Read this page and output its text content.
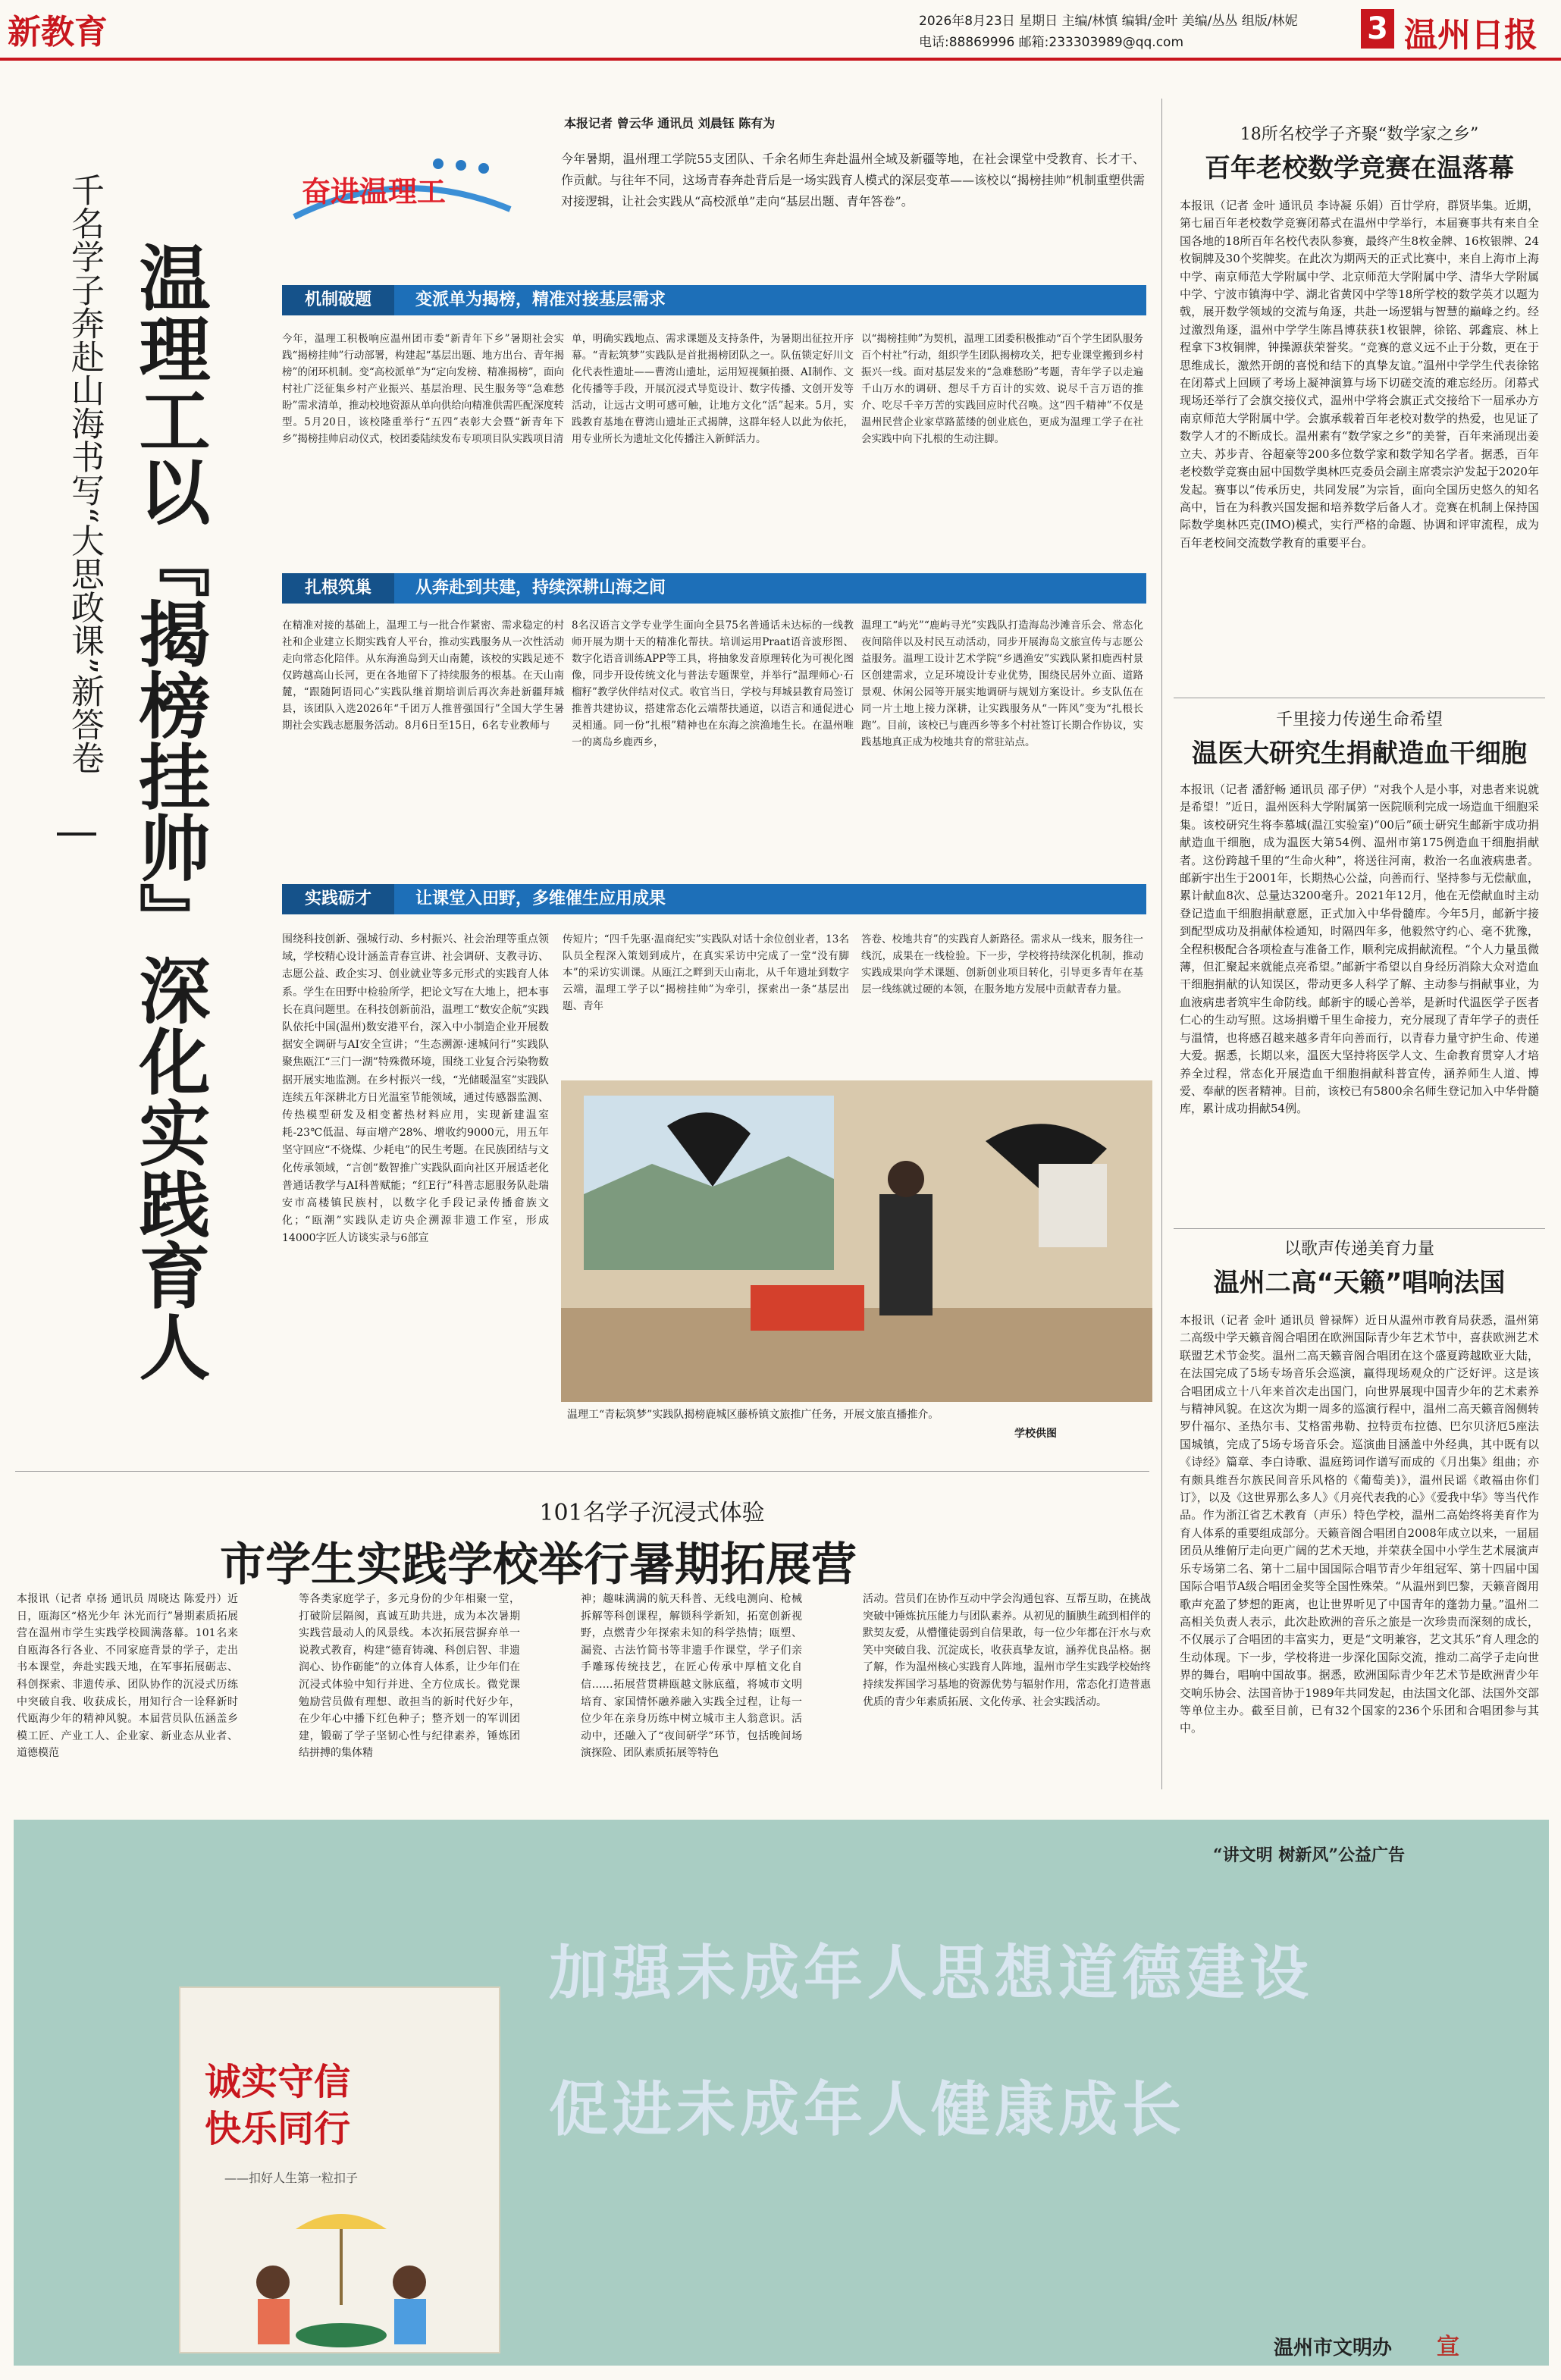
新教育	2026年8月23日 星期日 主编/林慎 编辑/金叶 美编/丛丛 组版/林妮
电话:88869996 邮箱:233303989@qq.com	3 温州日报
千名学子奔赴山海书写“大思政课”新答卷 温理工以『揭榜挂帅』深化实践育人
奋进温理工
本报记者 曾云华 通讯员 刘晨钰 陈有为
今年暑期，温州理工学院55支团队、千余名师生奔赴温州全域及新疆等地，在社会课堂中受教育、长才干、作贡献。与往年不同，这场青春奔赴背后是一场实践育人模式的深层变革——该校以“揭榜挂帅”机制重塑供需对接逻辑，让社会实践从“高校派单”走向“基层出题、青年答卷”。
机制破题	变派单为揭榜，精准对接基层需求
今年，温理工积极响应温州团市委“新青年下乡”暑期社会实践“揭榜挂帅”行动部署，构建起“基层出题、地方出台、青年揭榜”的闭环机制。变“高校派单”为“定向发榜、精准揭榜”，面向村社广泛征集乡村产业振兴、基层治理、民生服务等“急难愁盼”需求清单，推动校地资源从单向供给向精准供需匹配深度转型。5月20日，该校隆重举行“五四”表彰大会暨“新青年下乡”揭榜挂帅启动仪式，校团委陆续发布专项项目队实践项目清
单，明确实践地点、需求课题及支持条件，为暑期出征拉开序幕。“青耘筑梦”实践队是首批揭榜团队之一。队伍锁定好川文化代表性遗址——曹湾山遗址，运用短视频拍摄、AI制作、文化传播等手段，开展沉浸式导览设计、数字传播、文创开发等活动，让远古文明可感可触，让地方文化“活”起来。5月，实践教育基地在曹湾山遗址正式揭牌，这群年轻人以此为依托，用专业所长为遗址文化传播注入新鲜活力。
以“揭榜挂帅”为契机，温理工团委积极推动“百个学生团队服务百个村社”行动，组织学生团队揭榜攻关，把专业课堂搬到乡村振兴一线。面对基层发来的“急难愁盼”考题，青年学子以走遍千山万水的调研、想尽千方百计的实效、说尽千言万语的推介、吃尽千辛万苦的实践回应时代召唤。这“四千精神”不仅是温州民营企业家草路蓝缕的创业底色，更成为温理工学子在社会实践中向下扎根的生动注脚。
扎根筑巢	从奔赴到共建，持续深耕山海之间
在精准对接的基础上，温理工与一批合作紧密、需求稳定的村社和企业建立长期实践育人平台，推动实践服务从一次性活动走向常态化陪伴。从东海渔岛到天山南麓，该校的实践足迹不仅跨越高山长河，更在各地留下了持续服务的根基。在天山南麓，“跟随阿语同心”实践队继首期培训后再次奔赴新疆拜城县，该团队入选2026年“千团万人推普强国行”全国大学生暑期社会实践志愿服务活动。8月6日至15日，6名专业教师与
8名汉语言文学专业学生面向全县75名普通话未达标的一线教师开展为期十天的精准化帮扶。培训运用Praat语音波形图、数字化语音训练APP等工具，将抽象发音原理转化为可视化图像，同步开设传统文化与普法专题课堂，并举行“温理师心·石榴籽”教学伙伴结对仪式。收官当日，学校与拜城县教育局签订推普共建协议，搭建常态化云端帮扶通道，以语言和通促进心灵相通。同一份“扎根”精神也在东海之滨渔地生长。在温州唯一的离岛乡鹿西乡，
温理工“屿光”“鹿屿寻光”实践队打造海岛沙滩音乐会、常态化夜间陪伴以及村民互动活动，同步开展海岛文旅宣传与志愿公益服务。温理工设计艺术学院“乡遇渔安”实践队紧扣鹿西村景区创建需求，立足环境设计专业优势，围绕民居外立面、道路景观、休闲公园等开展实地调研与规划方案设计。乡支队伍在同一片土地上接力深耕，让实践服务从“一阵风”变为“扎根长跑”。目前，该校已与鹿西乡等多个村社签订长期合作协议，实践基地真正成为校地共育的常驻站点。
实践砺才	让课堂入田野，多维催生应用成果
围绕科技创新、强城行动、乡村振兴、社会治理等重点领域，学校精心设计涵盖青春宣讲、社会调研、支教寻访、志愿公益、政企实习、创业就业等多元形式的实践育人体系。学生在田野中检验所学，把论文写在大地上，把本事长在真问题里。在科技创新前沿，温理工“数安企航”实践队依托中国(温州)数安港平台，深入中小制造企业开展数据安全调研与AI安全宣讲；“生态溯源·速城问行”实践队聚焦瓯江“三门一湖”特殊微环境，围绕工业复合污染物数据开展实地监测。在乡村振兴一线，“光储暖温室”实践队连续五年深耕北方日光温室节能领域，通过传感器监测、传热模型研发及相变蓄热材料应用，实现新建温室耗-23℃低温、每亩增产28%、增收约9000元，用五年坚守回应“不烧煤、少耗电”的民生考题。在民族团结与文化传承领域，“言创”数智推广实践队面向社区开展适老化普通话教学与AI科普赋能；“红E行”科普志愿服务队赴瑞安市高楼镇民族村，以数字化手段记录传播畲族文化；“瓯潮”实践队走访央企溯源非遗工作室，形成14000字匠人访谈实录与6部宣
传短片；“四千先驱·温商纪实”实践队对话十余位创业者，13名队员全程深入策划到成片，在真实采访中完成了一堂“没有脚本”的采访实训课。从瓯江之畔到天山南北，从千年遗址到数字云端，温理工学子以“揭榜挂帅”为牵引，探索出一条“基层出题、青年
答卷、校地共育”的实践育人新路径。需求从一线来，服务往一线沉，成果在一线检验。下一步，学校将持续深化机制，推动实践成果向学术课题、创新创业项目转化，引导更多青年在基层一线练就过硬的本领，在服务地方发展中贡献青春力量。
温理工“青耘筑梦”实践队揭榜鹿城区藤桥镇文旅推广任务，开展文旅直播推介。
学校供图
18所名校学子齐聚“数学家之乡”
百年老校数学竞赛在温落幕
本报讯（记者 金叶 通讯员 李诗凝 乐娟）百廿学府，群贤毕集。近期，第七届百年老校数学竞赛闭幕式在温州中学举行，本届赛事共有来自全国各地的18所百年名校代表队参赛，最终产生8枚金牌、16枚银牌、24枚铜牌及30个奖牌奖。在此次为期两天的正式比赛中，来自上海市上海中学、南京师范大学附属中学、北京师范大学附属中学、清华大学附属中学、宁波市镇海中学、湖北省黄冈中学等18所学校的数学英才以题为戟，展开数学领域的交流与角逐，共赴一场逻辑与智慧的巅峰之约。经过激烈角逐，温州中学学生陈昌博获获1枚银牌，徐铭、郭鑫宸、林上程拿下3枚铜牌，钟操源获荣誉奖。“竞赛的意义远不止于分数，更在于思维成长，激然开朗的喜悦和结下的真挚友谊。”温州中学学生代表徐铭在闭幕式上回顾了考场上凝神演算与场下切磋交流的难忘经历。闭幕式现场还举行了会旗交接仪式，温州中学将会旗正式交接给下一届承办方南京师范大学附属中学。会旗承载着百年老校对数学的热爱，也见证了数学人才的不断成长。温州素有“数学家之乡”的美誉，百年来涌现出姜立夫、苏步青、谷超豪等200多位数学家和数学知名学者。据悉，百年老校数学竞赛由屈中国数学奥林匹克委员会副主席裘宗沪发起于2020年发起。赛事以“传承历史，共同发展”为宗旨，面向全国历史悠久的知名高中，旨在为科教兴国发掘和培养数学后备人才。竞赛在机制上保持国际数学奥林匹克(IMO)模式，实行严格的命题、协调和评审流程，成为百年老校间交流数学教育的重要平台。
千里接力传递生命希望
温医大研究生捐献造血干细胞
本报讯（记者 潘舒畅 通讯员 邵子伊）“对我个人是小事，对患者来说就是希望！”近日，温州医科大学附属第一医院顺利完成一场造血干细胞采集。该校研究生将李慕城(温江实验室)“00后”硕士研究生邮新宇成功捐献造血干细胞，成为温医大第54例、温州市第175例造血干细胞捐献者。这份跨越千里的“生命火种”，将送往河南，救治一名血液病患者。邮新宇出生于2001年，长期热心公益，向善而行、坚持参与无偿献血，累计献血8次、总量达3200毫升。2021年12月，他在无偿献血时主动登记造血干细胞捐献意愿，正式加入中华骨髓库。今年5月，邮新宇接到配型成功及捐献体检通知，时隔四年多，他毅然守约心、毫不犹豫，全程积极配合各项检查与准备工作，顺利完成捐献流程。“个人力量虽微薄，但汇聚起来就能点亮希望。”邮新宇希望以自身经历消除大众对造血干细胞捐献的认知误区，带动更多人科学了解、主动参与捐献事业，为血液病患者筑牢生命防线。邮新宇的暖心善举，是新时代温医学子医者仁心的生动写照。这场捐赠千里生命接力，充分展现了青年学子的责任与温情，也将感召越来越多青年向善而行，以青春力量守护生命、传递大爱。据悉，长期以来，温医大坚持将医学人文、生命教育贯穿人才培养全过程，常态化开展造血干细胞捐献科普宣传，涵养师生人道、博爱、奉献的医者精神。目前，该校已有5800余名师生登记加入中华骨髓库，累计成功捐献54例。
以歌声传递美育力量
温州二高“天籁”唱响法国
本报讯（记者 金叶 通讯员 曾禄辉）近日从温州市教育局获悉，温州第二高级中学天籁音阁合唱团在欧洲国际青少年艺术节中，喜获欧洲艺术联盟艺术节金奖。温州二高天籁音阁合唱团在这个盛夏跨越欧亚大陆，在法国完成了5场专场音乐会巡演，赢得现场观众的广泛好评。这是该合唱团成立十八年来首次走出国门，向世界展现中国青少年的艺术素养与精神风貌。在这次为期一周多的巡演行程中，温州二高天籁音阁侧转罗什福尔、圣热尔韦、艾格雷弗勒、拉特贡布拉德、巴尔贝济厄5座法国城镇，完成了5场专场音乐会。巡演曲目涵盖中外经典，其中既有以《诗经》篇章、李白诗歌、温庭筠词作谱写而成的《月出集》组曲；亦有颇具维吾尔族民间音乐风格的《葡萄美)》，温州民谣《敢福由你们订》，以及《这世界那么多人》《月亮代表我的心》《爱我中华》等当代作品。作为浙江省艺术教育（声乐）特色学校，温州二高始终将美育作为育人体系的重要组成部分。天籁音阁合唱团自2008年成立以来，一届届团员从维俯厅走向更广阔的艺术天地，并荣获全国中小学生艺术展演声乐专场第二名、第十二届中国国际合唱节青少年组冠军、第十四届中国国际合唱节A级合唱团金奖等全国性殊荣。“从温州到巴黎，天籁音阁用歌声充盈了梦想的距离，也让世界听见了中国青年的蓬勃力量。”温州二高相关负责人表示，此次赴欧洲的音乐之旅是一次珍贵而深刻的成长，不仅展示了合唱团的丰富实力，更是“文明兼容，艺文其乐”育人理念的生动体现。下一步，学校将进一步深化国际交流，推动二高学子走向世界的舞台，唱响中国故事。据悉，欧洲国际青少年艺术节是欧洲青少年交响乐协会、法国音协于1989年共同发起，由法国文化部、法国外交部等单位主办。截至目前，已有32个国家的236个乐团和合唱团参与其中。
101名学子沉浸式体验
市学生实践学校举行暑期拓展营
本报讯（记者 卓扬 通讯员 周晓达 陈爱丹）近日，瓯海区“格光少年 沐光而行”暑期素质拓展营在温州市学生实践学校圆满落幕。101名来自瓯海各行各业、不同家庭背景的学子，走出书本课堂，奔赴实践天地，在军事拓展砺志、科创探索、非遗传承、团队协作的沉浸式历练中突破自我、收获成长，用知行合一诠释新时代瓯海少年的精神风貌。本届营员队伍涵盖乡模工匠、产业工人、企业家、新业态从业者、道德模范
等各类家庭学子，多元身份的少年相聚一堂，打破阶层隔阂，真诚互助共进，成为本次暑期实践营最动人的风景线。本次拓展营摒弃单一说教式教育，构建“德育铸魂、科创启智、非遗润心、协作砺能”的立体育人体系，让少年们在沉浸式体验中知行并进、全方位成长。微党课勉励营员做有理想、敢担当的新时代好少年，在少年心中播下红色种子；整齐划一的军训团建，锻砺了学子坚韧心性与纪律素养，锤炼团结拼搏的集体精
神；趣味满满的航天科普、无线电测向、枪械拆解等科创课程，解锁科学新知，拓宽创新视野，点燃青少年探索未知的科学热情；瓯塑、漏瓷、古法竹简书等非遗手作课堂，学子们亲手雕琢传统技艺，在匠心传承中厚植文化自信……拓展营贯耕瓯越文脉底蕴，将城市文明培育、家国情怀融养融入实践全过程，让每一位少年在亲身历练中树立城市主人翁意识。活动中，还融入了“夜间研学”环节，包括晚间场演探险、团队素质拓展等特色
活动。营员们在协作互动中学会沟通包容、互帮互助，在挑战突破中锤炼抗压能力与团队素养。从初见的腼腆生疏到相伴的默契友爱，从懵懂徒弱到自信果敢，每一位少年都在汗水与欢笑中突破自我、沉淀成长，收获真挚友谊，涵养优良品格。据了解，作为温州核心实践育人阵地，温州市学生实践学校始终持续发挥国学习基地的资源优势与辐射作用，常态化打造普惠优质的青少年素质拓展、文化传承、社会实践活动。
“讲文明 树新风”公益广告
诚实守信
快乐同行
——扣好人生第一粒扣子
加强未成年人思想道德建设
促进未成年人健康成长
温州市文明办 宣
